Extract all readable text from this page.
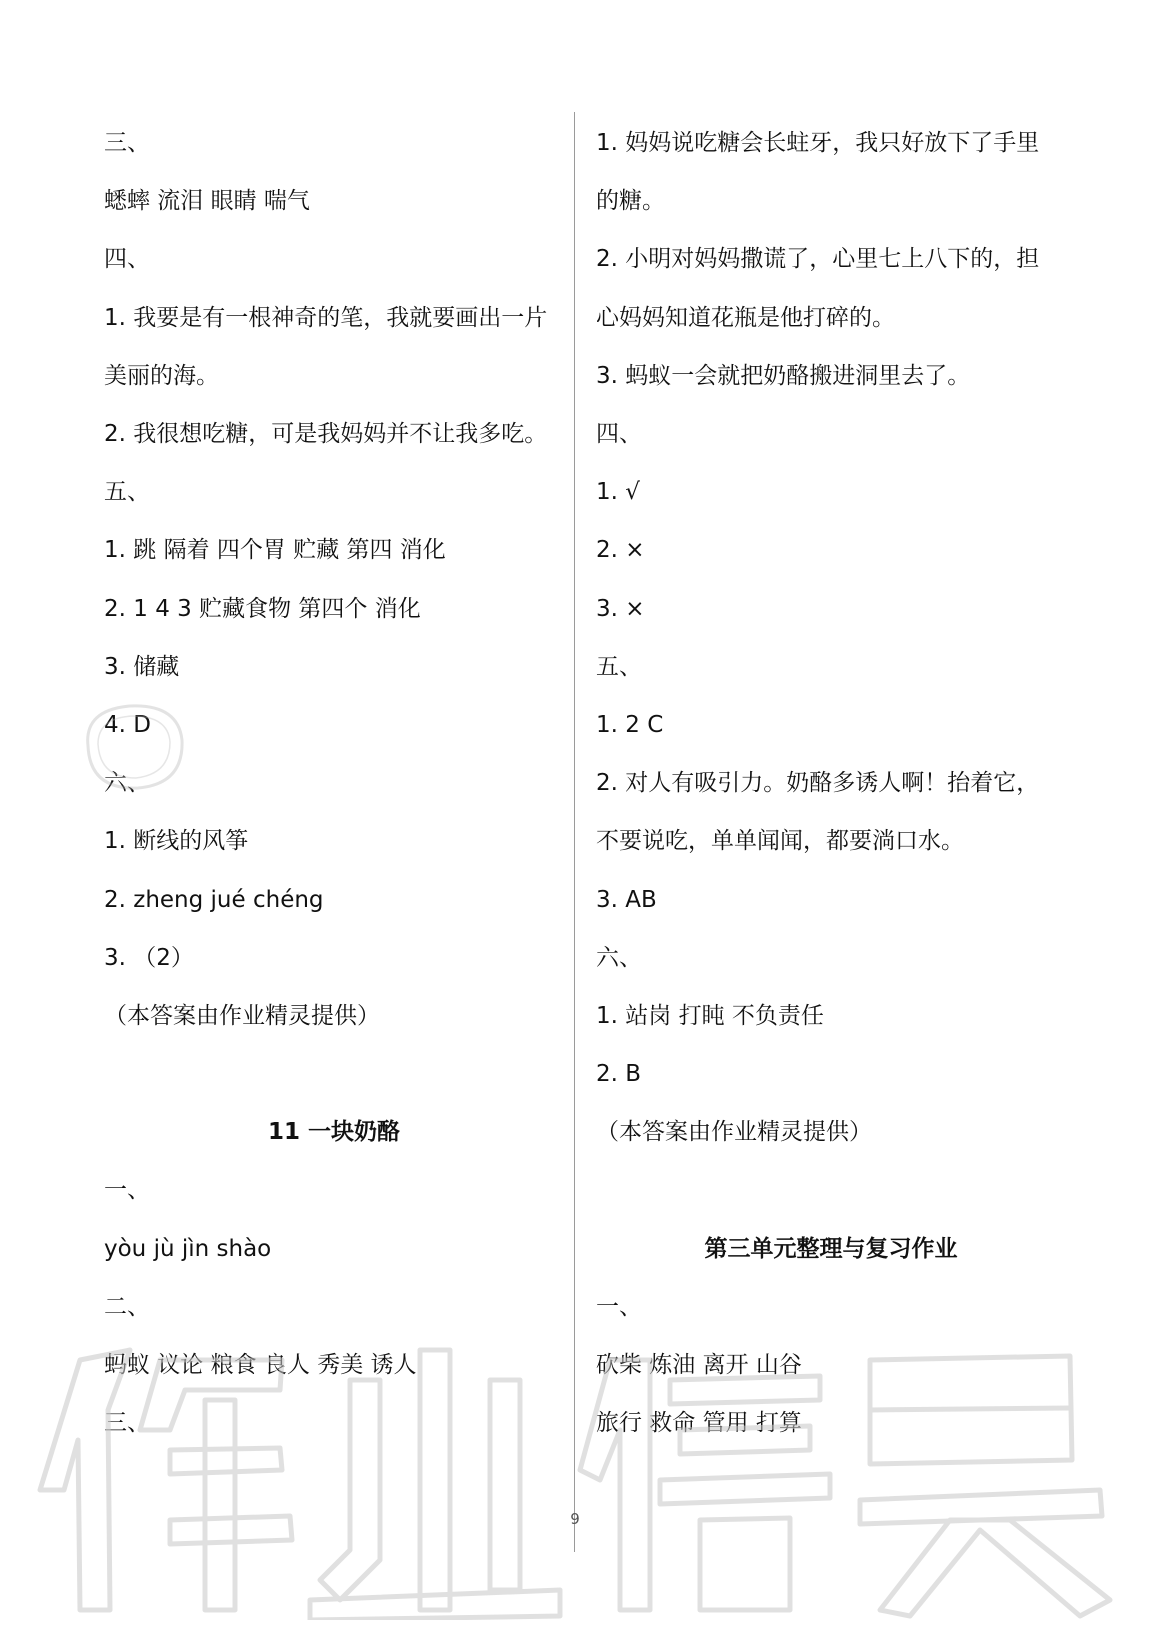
三、
蟋蟀 流泪 眼睛 喘气
四、
1. 我要是有一根神奇的笔，我就要画出一片
美丽的海。
2. 我很想吃糖，可是我妈妈并不让我多吃。
五、
1. 跳 隔着 四个胃 贮藏 第四 消化
2. 1 4 3 贮藏食物 第四个 消化
3. 储藏
4. D
六、
1. 断线的风筝
2. zheng jué chéng
3. （2）
（本答案由作业精灵提供）
11 一块奶酪
一、
yòu jù jìn shào
二、
蚂蚁 议论 粮食 良人 秀美 诱人
三、
1. 妈妈说吃糖会长蛀牙，我只好放下了手里
的糖。
2. 小明对妈妈撒谎了，心里七上八下的，担
心妈妈知道花瓶是他打碎的。
3. 蚂蚁一会就把奶酪搬进洞里去了。
四、
1. √
2. ×
3. ×
五、
1. 2 C
2. 对人有吸引力。奶酪多诱人啊！抬着它，
不要说吃，单单闻闻，都要淌口水。
3. AB
六、
1. 站岗 打盹 不负责任
2. B
（本答案由作业精灵提供）
第三单元整理与复习作业
一、
砍柴 炼油 离开 山谷
旅行 救命 管用 打算
9
